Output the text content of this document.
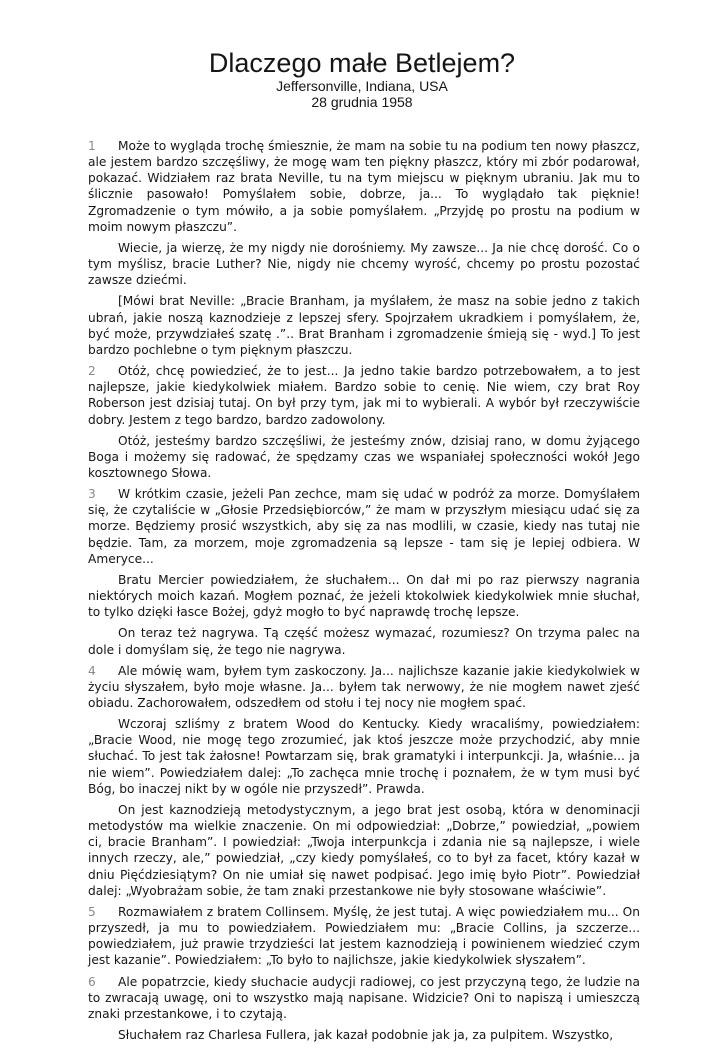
Dlaczego małe Betlejem?
Jeffersonville, Indiana, USA
28 grudnia 1958

1 Może to wygląda trochę śmiesznie, że mam na sobie tu na podium ten nowy płaszcz, ale jestem bardzo szczęśliwy, że mogę wam ten piękny płaszcz, który mi zbór podarował, pokazać. Widziałem raz brata Neville, tu na tym miejscu w pięknym ubraniu. Jak mu to ślicznie pasowało! Pomyślałem sobie, dobrze, ja... To wyglądało tak pięknie! Zgromadzenie o tym mówiło, a ja sobie pomyślałem. „Przyjdę po prostu na podium w moim nowym płaszczu”.

Wiecie, ja wierzę, że my nigdy nie dorośniemy. My zawsze... Ja nie chcę dorość. Co o tym myślisz, bracie Luther? Nie, nigdy nie chcemy wyrość, chcemy po prostu pozostać zawsze dziećmi.

[Mówi brat Neville: „Bracie Branham, ja myślałem, że masz na sobie jedno z takich ubrań, jakie noszą kaznodzieje z lepszej sfery. Spojrzałem ukradkiem i pomyślałem, że, być może, przywdziałeś szatę .”.. Brat Branham i zgromadzenie śmieją się - wyd.] To jest bardzo pochlebne o tym pięknym płaszczu.

2 Otóż, chcę powiedzieć, że to jest... Ja jedno takie bardzo potrzebowałem, a to jest najlepsze, jakie kiedykolwiek miałem. Bardzo sobie to cenię. Nie wiem, czy brat Roy Roberson jest dzisiaj tutaj. On był przy tym, jak mi to wybierali. A wybór był rzeczywiście dobry. Jestem z tego bardzo, bardzo zadowolony.

Otóż, jesteśmy bardzo szczęśliwi, że jesteśmy znów, dzisiaj rano, w domu żyjącego Boga i możemy się radować, że spędzamy czas we wspaniałej społeczności wokół Jego kosztownego Słowa.

3 W krótkim czasie, jeżeli Pan zechce, mam się udać w podróż za morze. Domyślałem się, że czytaliście w „Głosie Przedsiębiorców,” że mam w przyszłym miesiącu udać się za morze. Będziemy prosić wszystkich, aby się za nas modlili, w czasie, kiedy nas tutaj nie będzie. Tam, za morzem, moje zgromadzenia są lepsze - tam się je lepiej odbiera. W Ameryce...

Bratu Mercier powiedziałem, że słuchałem... On dał mi po raz pierwszy nagrania niektórych moich kazań. Mogłem poznać, że jeżeli ktokolwiek kiedykolwiek mnie słuchał, to tylko dzięki łasce Bożej, gdyż mogło to być naprawdę trochę lepsze.

On teraz też nagrywa. Tą część możesz wymazać, rozumiesz? On trzyma palec na dole i domyślam się, że tego nie nagrywa.

4 Ale mówię wam, byłem tym zaskoczony. Ja... najlichsze kazanie jakie kiedykolwiek w życiu słyszałem, było moje własne. Ja... byłem tak nerwowy, że nie mogłem nawet zjeść obiadu. Zachorowałem, odszedłem od stołu i tej nocy nie mogłem spać.

Wczoraj szliśmy z bratem Wood do Kentucky. Kiedy wracaliśmy, powiedziałem: „Bracie Wood, nie mogę tego zrozumieć, jak ktoś jeszcze może przychodzić, aby mnie słuchać. To jest tak żałosne! Powtarzam się, brak gramatyki i interpunkcji. Ja, właśnie... ja nie wiem”. Powiedziałem dalej: „To zachęca mnie trochę i poznałem, że w tym musi być Bóg, bo inaczej nikt by w ogóle nie przyszedł”. Prawda.

On jest kaznodzieją metodystycznym, a jego brat jest osobą, która w denominacji metodystów ma wielkie znaczenie. On mi odpowiedział: „Dobrze,” powiedział, „powiem ci, bracie Branham”. I powiedział: „Twoja interpunkcja i zdania nie są najlepsze, i wiele innych rzeczy, ale,” powiedział, „czy kiedy pomyślałeś, co to był za facet, który kazał w dniu Pięćdziesiątym? On nie umiał się nawet podpisać. Jego imię było Piotr”. Powiedział dalej: „Wyobrażam sobie, że tam znaki przestankowe nie były stosowane właściwie”.

5 Rozmawiałem z bratem Collinsem. Myślę, że jest tutaj. A więc powiedziałem mu... On przyszedł, ja mu to powiedziałem. Powiedziałem mu: „Bracie Collins, ja szczerze... powiedziałem, już prawie trzydzieści lat jestem kaznodzieją i powinienem wiedzieć czym jest kazanie”. Powiedziałem: „To było to najlichsze, jakie kiedykolwiek słyszałem”.

6 Ale popatrzcie, kiedy słuchacie audycji radiowej, co jest przyczyną tego, że ludzie na to zwracają uwagę, oni to wszystko mają napisane. Widzicie? Oni to napiszą i umieszczą znaki przestankowe, i to czytają.

Słuchałem raz Charlesa Fullera, jak kazał podobnie jak ja, za pulpitem. Wszystko,
